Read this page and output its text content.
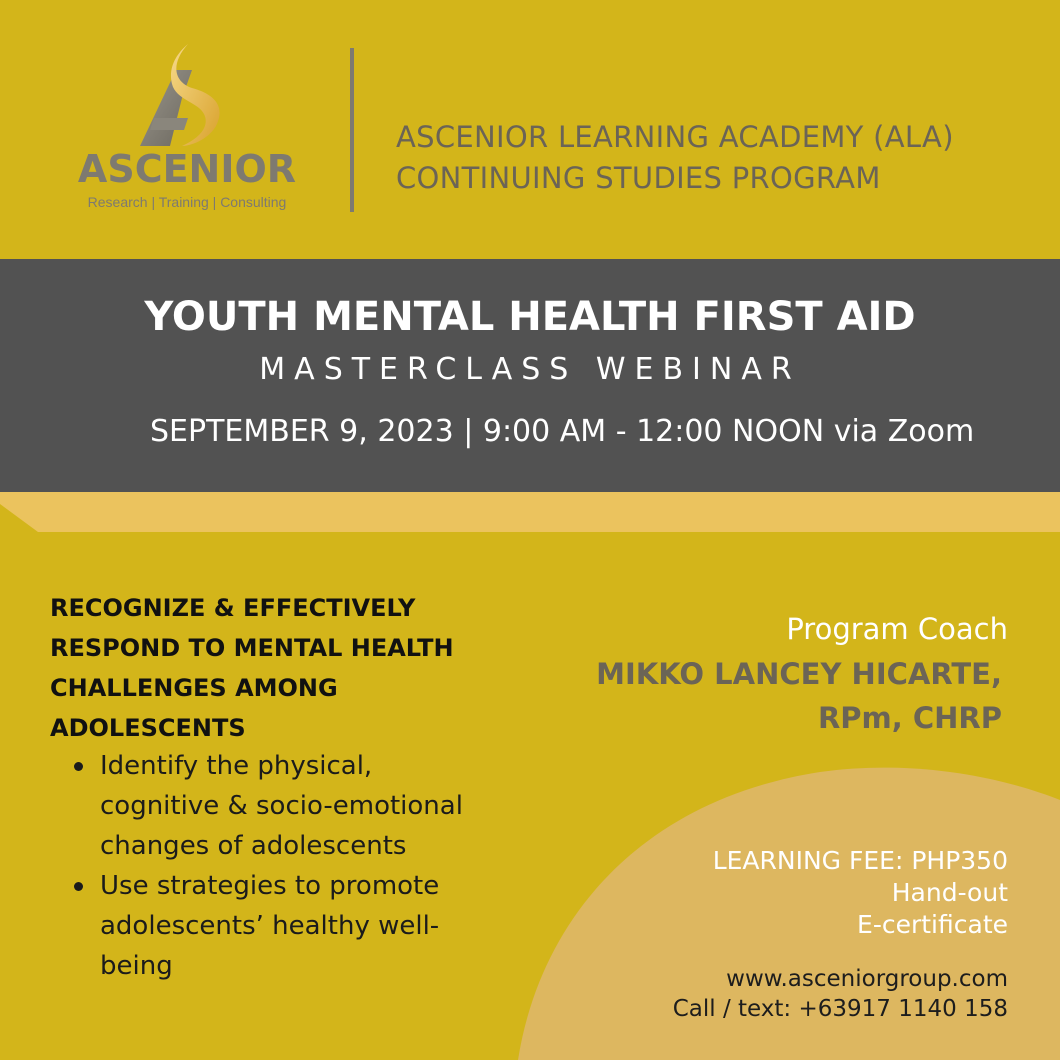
ASCENIOR
Research | Training | Consulting
ASCENIOR LEARNING ACADEMY (ALA)
CONTINUING STUDIES PROGRAM
YOUTH MENTAL HEALTH FIRST AID
MASTERCLASS WEBINAR
SEPTEMBER 9, 2023 | 9:00 AM - 12:00 NOON via Zoom
RECOGNIZE & EFFECTIVELY RESPOND TO MENTAL HEALTH CHALLENGES AMONG ADOLESCENTS
Identify the physical, cognitive & socio-emotional changes of adolescents
Use strategies to promote adolescents’ healthy well-being
Program Coach
MIKKO LANCEY HICARTE,
RPm, CHRP
LEARNING FEE: PHP350
Hand-out
E-certificate
www.asceniorgroup.com
Call / text: +63917 1140 158
